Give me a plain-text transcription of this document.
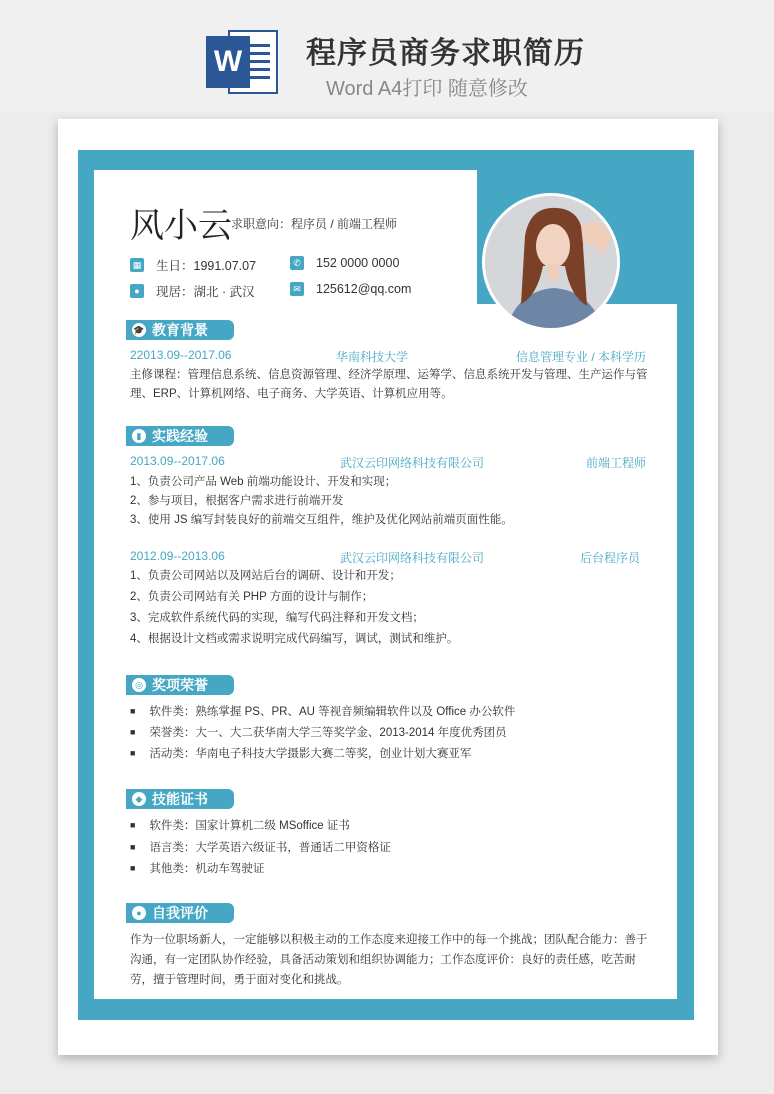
W 程序员商务求职简历
Word A4打印 随意修改
风小云 求职意向：程序员 / 前端工程师
▦ 生日：1991.07.07	✆ 152 0000 0000
●	现居：湖北 · 武汉	✉ 125612@qq.com
🎓 教育背景
22013.09--2017.06	华南科技大学	信息管理专业 / 本科学历
主修课程：管理信息系统、信息资源管理、经济学原理、运筹学、信息系统开发与管理、生产运作与管理、ERP、计算机网络、电子商务、大学英语、计算机应用等。
▮ 实践经验
2013.09--2017.06	武汉云印网络科技有限公司	前端工程师
1、负责公司产品 Web 前端功能设计、开发和实现；
2、参与项目，根据客户需求进行前端开发
3、使用 JS 编写封装良好的前端交互组件，维护及优化网站前端页面性能。
2012.09--2013.06	武汉云印网络科技有限公司	后台程序员
1、负责公司网站以及网站后台的调研、设计和开发；
2、负责公司网站有关 PHP 方面的设计与制作；
3、完成软件系统代码的实现，编写代码注释和开发文档；
4、根据设计文档或需求说明完成代码编写，调试，测试和维护。
◎ 奖项荣誉
■ 软件类：熟练掌握 PS、PR、AU 等视音频编辑软件以及 Office 办公软件
■ 荣誉类：大一、大二获华南大学三等奖学金、2013-2014 年度优秀团员
■ 活动类：华南电子科技大学摄影大赛二等奖，创业计划大赛亚军
◆ 技能证书
■ 软件类：国家计算机二级 MSoffice 证书
■ 语言类：大学英语六级证书，普通话二甲资格证
■ 其他类：机动车驾驶证
● 自我评价
作为一位职场新人，一定能够以积极主动的工作态度来迎接工作中的每一个挑战；团队配合能力：善于沟通，有一定团队协作经验，具备活动策划和组织协调能力；工作态度评价：良好的责任感，吃苦耐劳，擅于管理时间，勇于面对变化和挑战。
